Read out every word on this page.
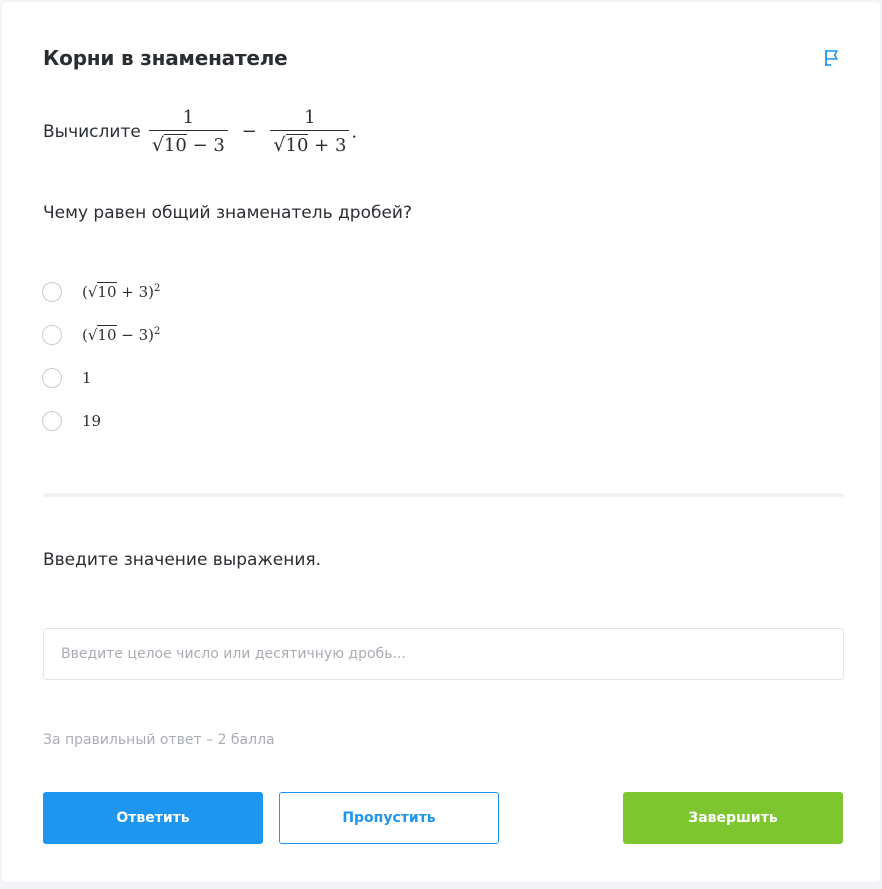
Корни в знаменателе
Вычислите $\frac{1}{√10 - 3} - \frac{1}{√10 + 3}$ .
Чему равен общий знаменатель дробей?
$(√10 + 3)^2$
$(√10 - 3)^2$
1
19
Введите значение выражения.
Введите целое число или десятичную дробь...
За правильный ответ – 2 балла
Ответить	Пропустить	Завершить
